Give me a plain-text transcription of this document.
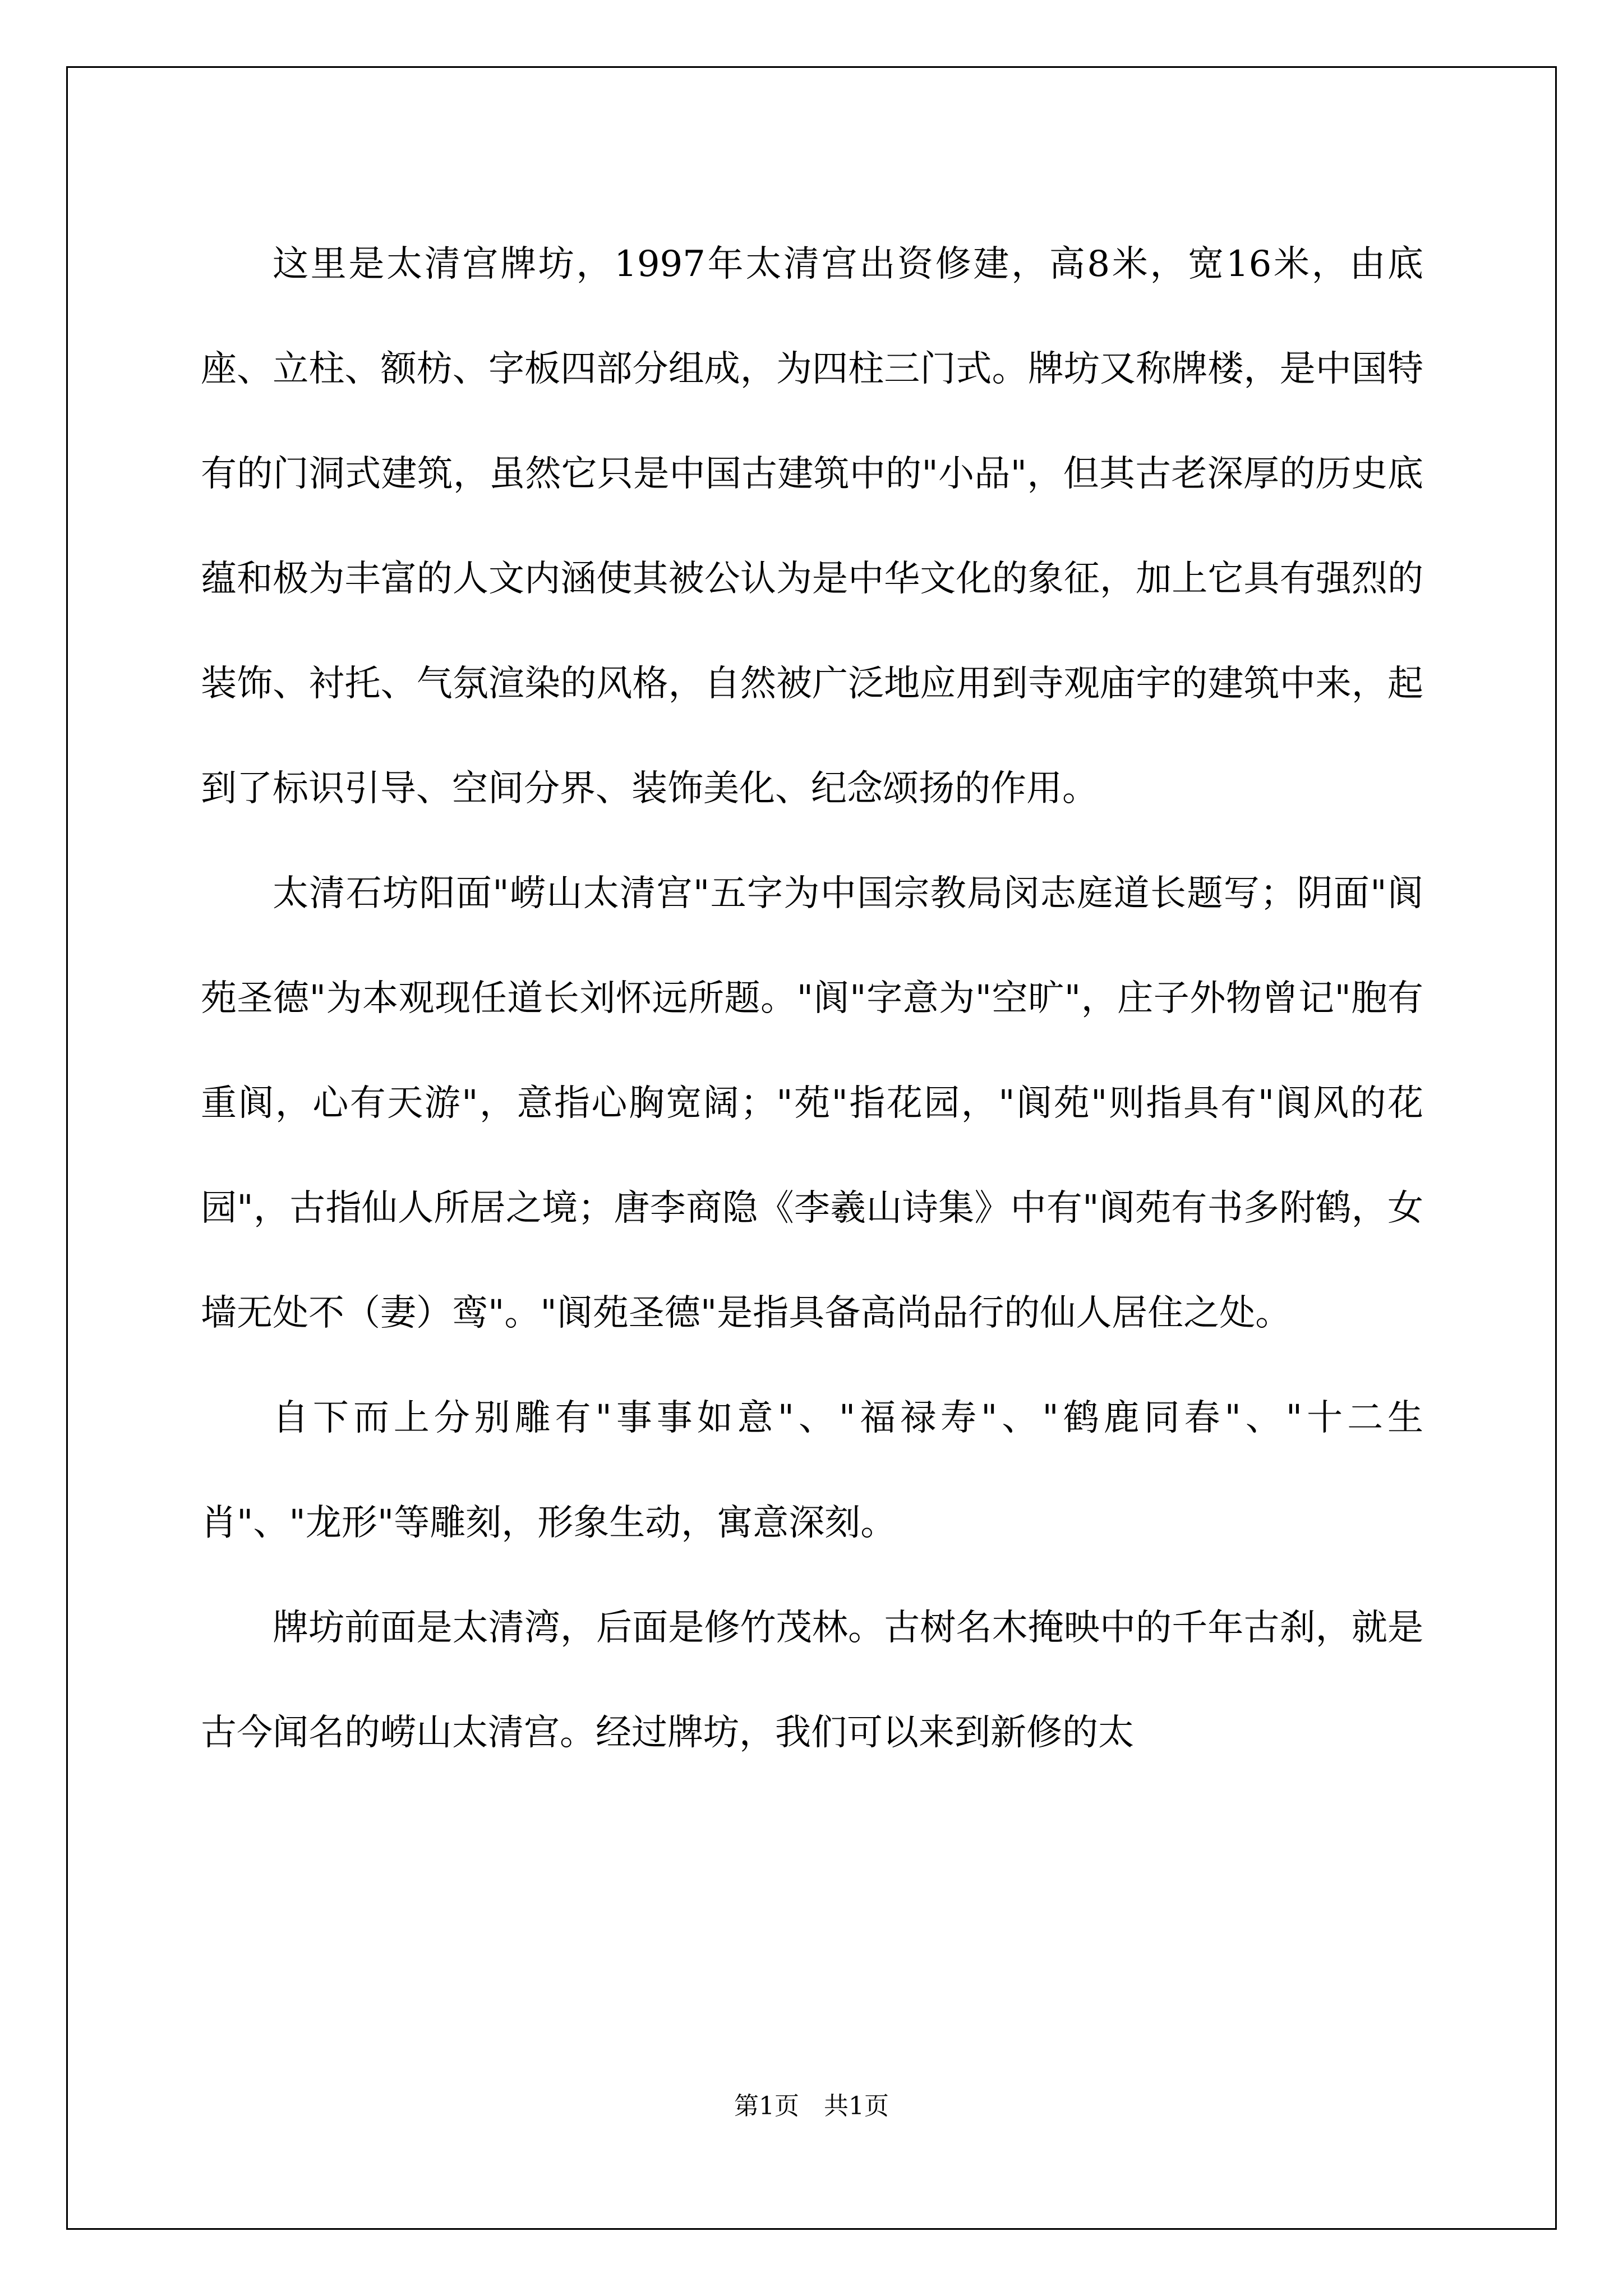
这里是太清宫牌坊，1997年太清宫出资修建，高8米，宽16米，由底座、立柱、额枋、字板四部分组成，为四柱三门式。牌坊又称牌楼，是中国特有的门洞式建筑，虽然它只是中国古建筑中的"小品"，但其古老深厚的历史底蕴和极为丰富的人文内涵使其被公认为是中华文化的象征，加上它具有强烈的装饰、衬托、气氛渲染的风格，自然被广泛地应用到寺观庙宇的建筑中来，起到了标识引导、空间分界、装饰美化、纪念颂扬的作用。

太清石坊阳面"崂山太清宫"五字为中国宗教局闵志庭道长题写；阴面"阆苑圣德"为本观现任道长刘怀远所题。"阆"字意为"空旷"，庄子外物曾记"胞有重阆，心有天游"，意指心胸宽阔；"苑"指花园，"阆苑"则指具有"阆风的花园"，古指仙人所居之境；唐李商隐《李羲山诗集》中有"阆苑有书多附鹤，女墙无处不（妻）鸾"。"阆苑圣德"是指具备高尚品行的仙人居住之处。

自下而上分别雕有"事事如意"、"福禄寿"、"鹤鹿同春"、"十二生肖"、"龙形"等雕刻，形象生动，寓意深刻。

牌坊前面是太清湾，后面是修竹茂林。古树名木掩映中的千年古刹，就是古今闻名的崂山太清宫。经过牌坊，我们可以来到新修的太

第1页　共1页
